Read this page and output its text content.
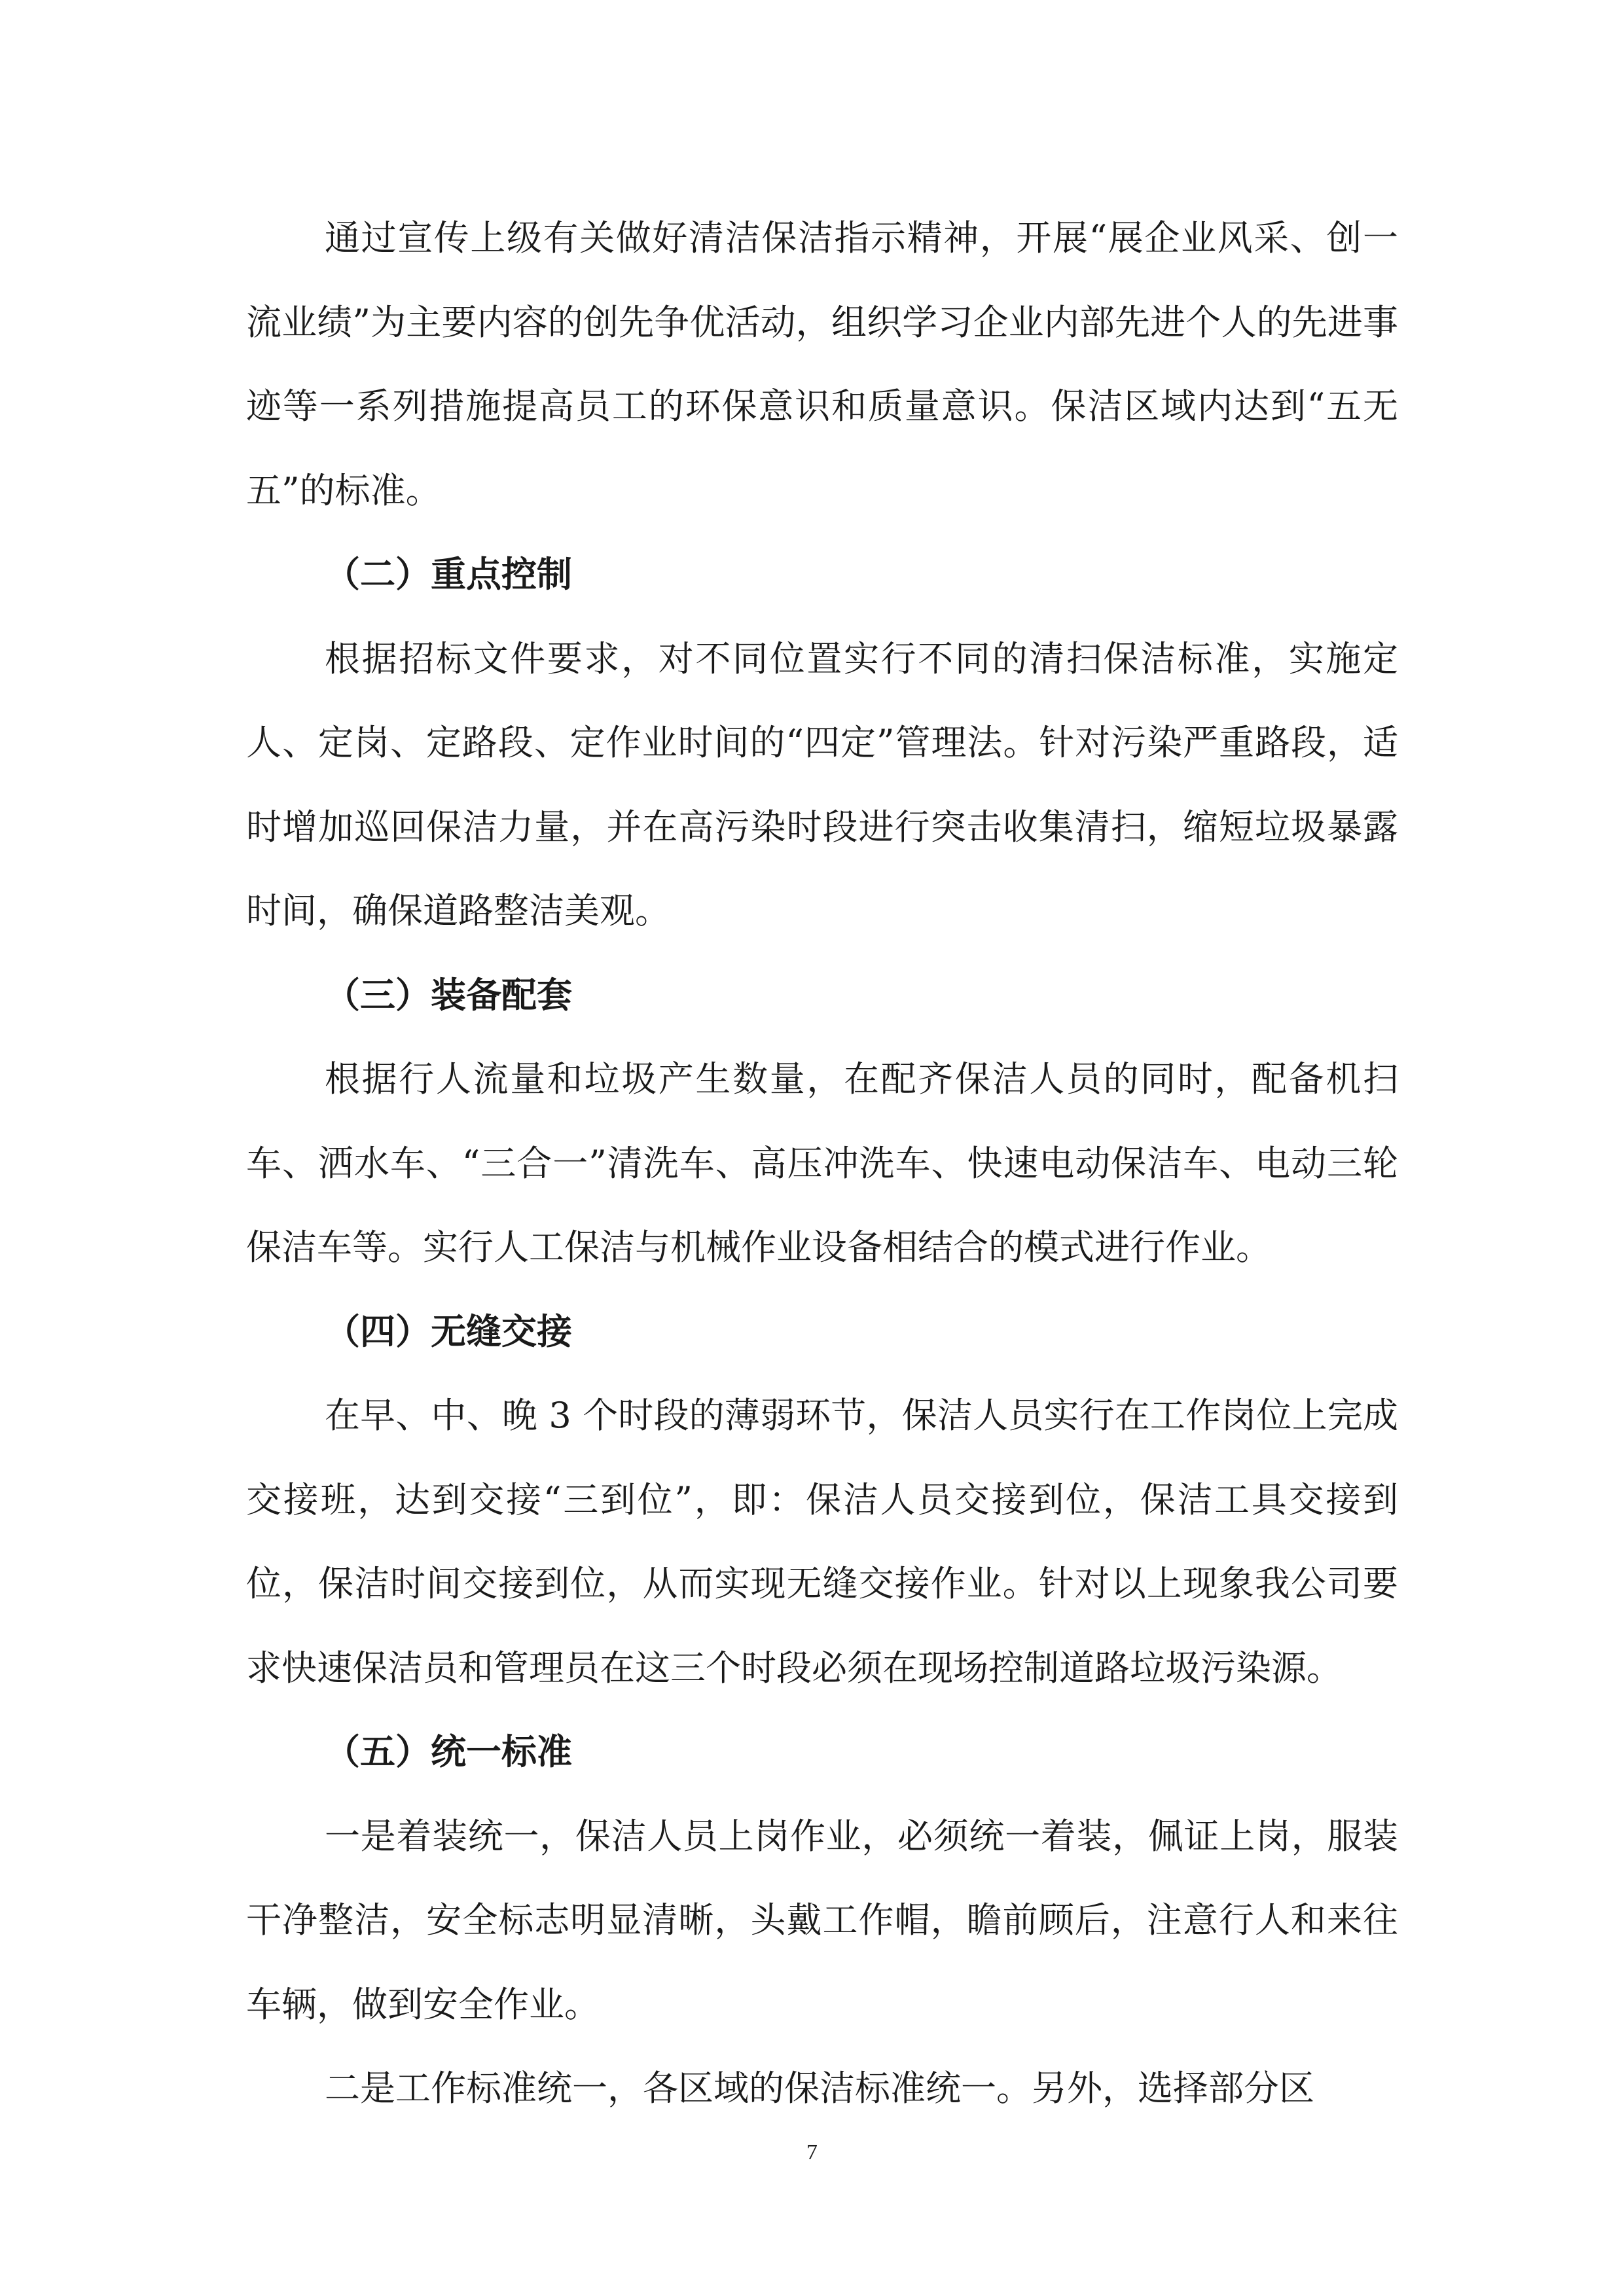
通过宣传上级有关做好清洁保洁指示精神，开展“展企业风采、创一流业绩”为主要内容的创先争优活动，组织学习企业内部先进个人的先进事迹等一系列措施提高员工的环保意识和质量意识。保洁区域内达到“五无五”的标准。

（二）重点控制

根据招标文件要求，对不同位置实行不同的清扫保洁标准，实施定人、定岗、定路段、定作业时间的“四定”管理法。针对污染严重路段，适时增加巡回保洁力量，并在高污染时段进行突击收集清扫，缩短垃圾暴露时间，确保道路整洁美观。

（三）装备配套

根据行人流量和垃圾产生数量，在配齐保洁人员的同时，配备机扫车、洒水车、“三合一”清洗车、高压冲洗车、快速电动保洁车、电动三轮保洁车等。实行人工保洁与机械作业设备相结合的模式进行作业。

（四）无缝交接

在早、中、晚 3 个时段的薄弱环节，保洁人员实行在工作岗位上完成交接班，达到交接“三到位”，即：保洁人员交接到位，保洁工具交接到位，保洁时间交接到位，从而实现无缝交接作业。针对以上现象我公司要求快速保洁员和管理员在这三个时段必须在现场控制道路垃圾污染源。

（五）统一标准

一是着装统一，保洁人员上岗作业，必须统一着装，佩证上岗，服装干净整洁，安全标志明显清晰，头戴工作帽，瞻前顾后，注意行人和来往车辆，做到安全作业。

二是工作标准统一，各区域的保洁标准统一。另外，选择部分区

7
